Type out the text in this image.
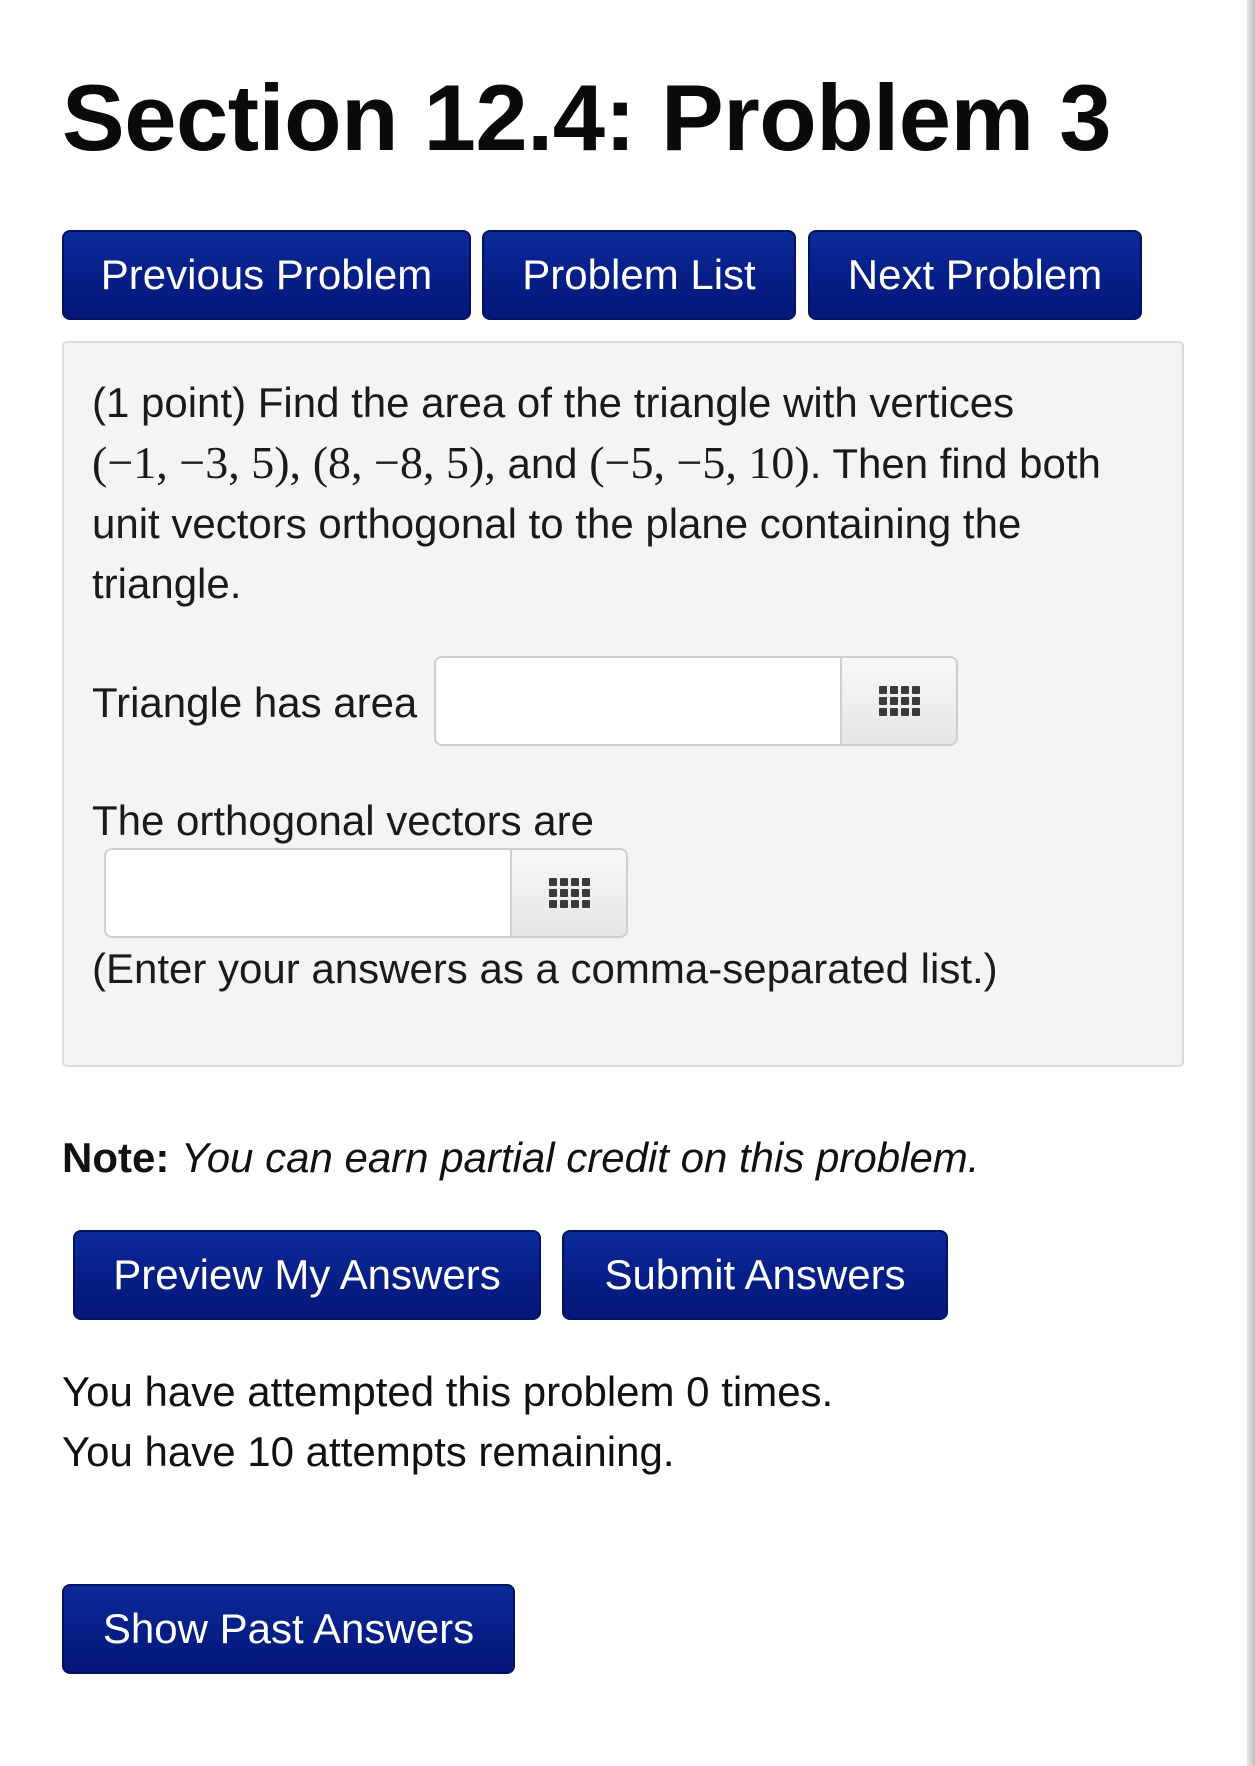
Section 12.4: Problem 3
Previous Problem	Problem List	Next Problem
(1 point) Find the area of the triangle with vertices
(−1, −3, 5), (8, −8, 5), and (−5, −5, 10). Then find both unit vectors orthogonal to the plane containing the triangle.
Triangle has area
The orthogonal vectors are
(Enter your answers as a comma-separated list.)
Note: You can earn partial credit on this problem.
Preview My Answers	Submit Answers
You have attempted this problem 0 times.
You have 10 attempts remaining.
Show Past Answers
